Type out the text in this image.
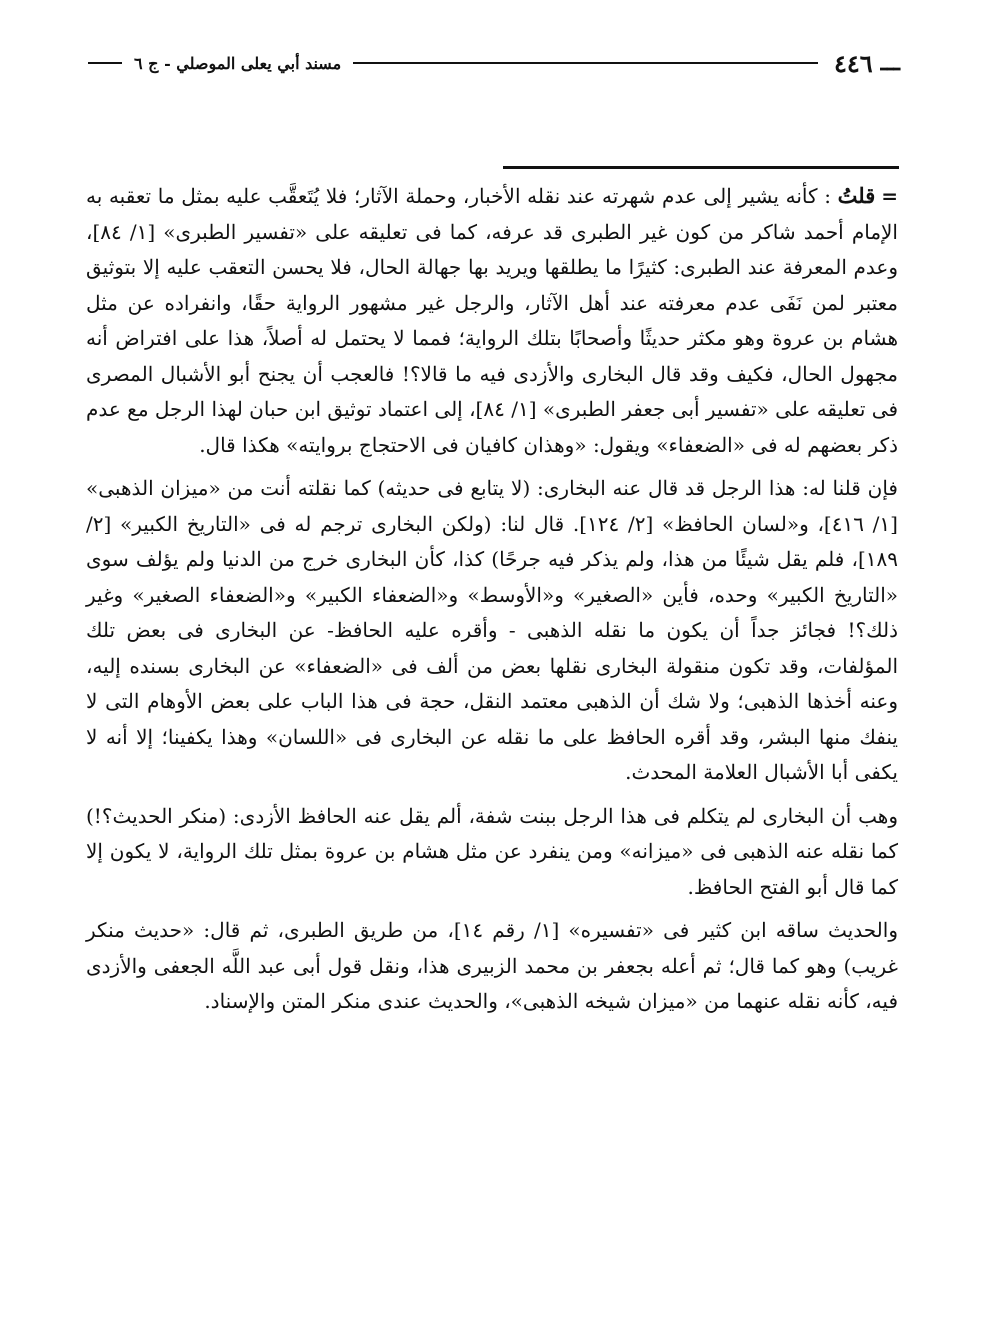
ـــ
٤٤٦
مسند أبي يعلى الموصلي - ج ٦

=قلتُ : كأنه يشير إلى عدم شهرته عند نقله الأخبار، وحملة الآثار؛ فلا يُتَعقَّب عليه بمثل ما تعقبه به الإمام أحمد شاكر من كون غير الطبرى قد عرفه، كما فى تعليقه على «تفسير الطبرى» [١/ ٨٤]، وعدم المعرفة عند الطبرى: كثيرًا ما يطلقها ويريد بها جهالة الحال، فلا يحسن التعقب عليه إلا بتوثيق معتبر لمن نَفَى عدم معرفته عند أهل الآثار، والرجل غير مشهور الرواية حقًا، وانفراده عن مثل هشام بن عروة وهو مكثر حديثًا وأصحابًا بتلك الرواية؛ فمما لا يحتمل له أصلاً، هذا على افتراض أنه مجهول الحال، فكيف وقد قال البخارى والأزدى فيه ما قالا؟! فالعجب أن يجنح أبو الأشبال المصرى فى تعليقه على «تفسير أبى جعفر الطبرى» [١/ ٨٤]، إلى اعتماد توثيق ابن حبان لهذا الرجل مع عدم ذكر بعضهم له فى «الضعفاء» ويقول: «وهذان كافيان فى الاحتجاج بروايته» هكذا قال.

فإن قلنا له: هذا الرجل قد قال عنه البخارى: (لا يتابع فى حديثه) كما نقلته أنت من «ميزان الذهبى» [١/ ٤١٦]، و«لسان الحافظ» [٢/ ١٢٤]. قال لنا: (ولكن البخارى ترجم له فى «التاريخ الكبير» [٢/ ١٨٩]، فلم يقل شيئًا من هذا، ولم يذكر فيه جرحًا) كذا، كأن البخارى خرج من الدنيا ولم يؤلف سوى «التاريخ الكبير» وحده، فأين «الصغير» و«الأوسط» و«الضعفاء الكبير» و«الضعفاء الصغير» وغير ذلك؟! فجائز جداً أن يكون ما نقله الذهبى - وأقره عليه الحافظ- عن البخارى فى بعض تلك المؤلفات، وقد تكون منقولة البخارى نقلها بعض من ألف فى «الضعفاء» عن البخارى بسنده إليه، وعنه أخذها الذهبى؛ ولا شك أن الذهبى معتمد النقل، حجة فى هذا الباب على بعض الأوهام التى لا ينفك منها البشر، وقد أقره الحافظ على ما نقله عن البخارى فى «اللسان» وهذا يكفينا؛ إلا أنه لا يكفى أبا الأشبال العلامة المحدث.

وهب أن البخارى لم يتكلم فى هذا الرجل ببنت شفة، ألم يقل عنه الحافظ الأزدى: (منكر الحديث؟!) كما نقله عنه الذهبى فى «ميزانه» ومن ينفرد عن مثل هشام بن عروة بمثل تلك الرواية، لا يكون إلا كما قال أبو الفتح الحافظ.

والحديث ساقه ابن كثير فى «تفسيره» [١/ رقم ١٤]، من طريق الطبرى، ثم قال: «حديث منكر غريب) وهو كما قال؛ ثم أعله بجعفر بن محمد الزبيرى هذا، ونقل قول أبى عبد اللَّه الجعفى والأزدى فيه، كأنه نقله عنهما من «ميزان شيخه الذهبى»، والحديث عندى منكر المتن والإسناد.
